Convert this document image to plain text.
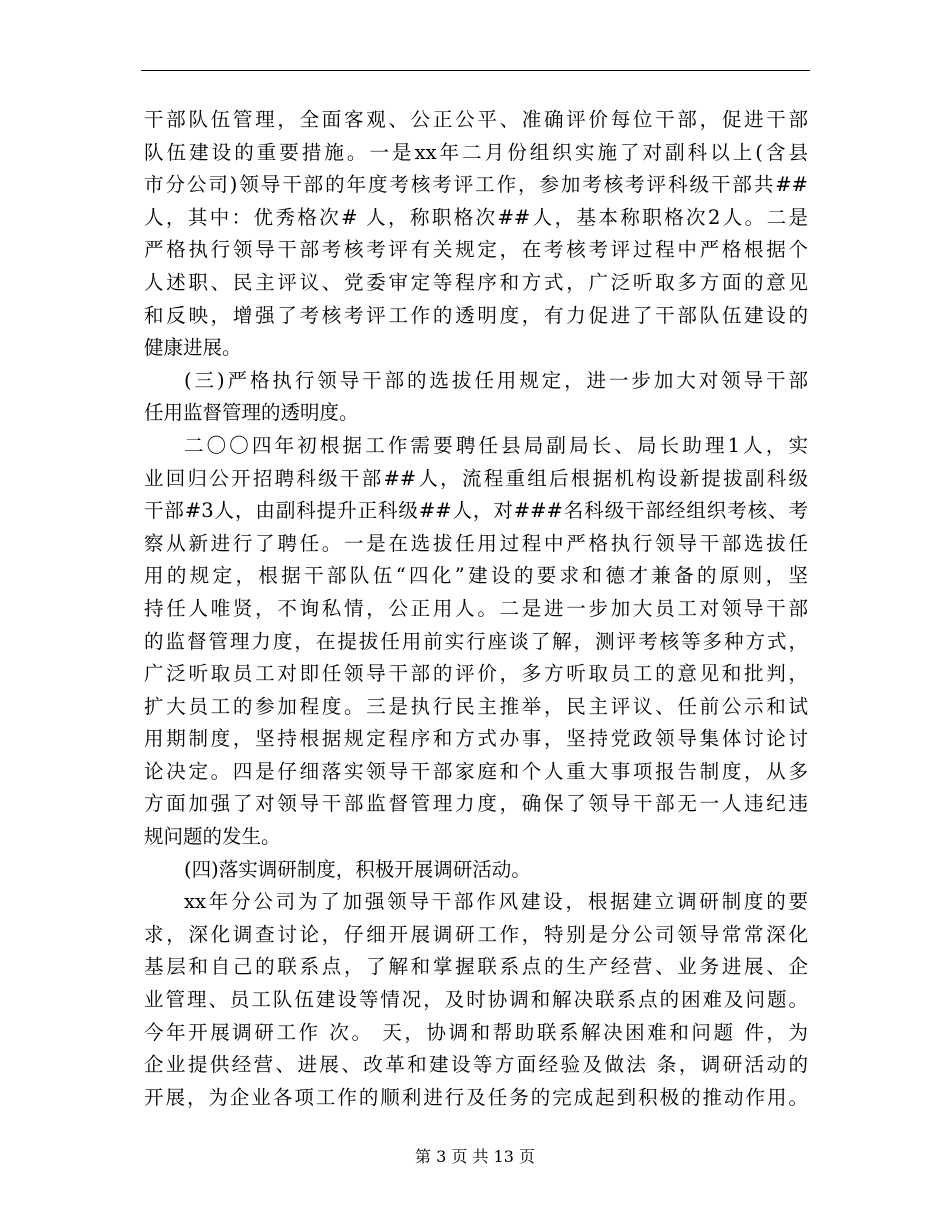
干部队伍管理，全面客观、公正公平、准确评价每位干部，促进干部
队伍建设的重要措施。一是xx年二月份组织实施了对副科以上(含县
市分公司)领导干部的年度考核考评工作，参加考核考评科级干部共##
人，其中：优秀格次# 人，称职格次##人，基本称职格次2人。二是
严格执行领导干部考核考评有关规定，在考核考评过程中严格根据个
人述职、民主评议、党委审定等程序和方式，广泛听取多方面的意见
和反映，增强了考核考评工作的透明度，有力促进了干部队伍建设的
健康进展。
(三)严格执行领导干部的选拔任用规定，进一步加大对领导干部
任用监督管理的透明度。
二〇〇四年初根据工作需要聘任县局副局长、局长助理1人，实
业回归公开招聘科级干部##人，流程重组后根据机构设新提拔副科级
干部#3人，由副科提升正科级##人，对###名科级干部经组织考核、考
察从新进行了聘任。一是在选拔任用过程中严格执行领导干部选拔任
用的规定，根据干部队伍“四化”建设的要求和德才兼备的原则，坚
持任人唯贤，不询私情，公正用人。二是进一步加大员工对领导干部
的监督管理力度，在提拔任用前实行座谈了解，测评考核等多种方式，
广泛听取员工对即任领导干部的评价，多方听取员工的意见和批判，
扩大员工的参加程度。三是执行民主推举，民主评议、任前公示和试
用期制度，坚持根据规定程序和方式办事，坚持党政领导集体讨论讨
论决定。四是仔细落实领导干部家庭和个人重大事项报告制度，从多
方面加强了对领导干部监督管理力度，确保了领导干部无一人违纪违
规问题的发生。
(四)落实调研制度，积极开展调研活动。
xx年分公司为了加强领导干部作风建设，根据建立调研制度的要
求，深化调查讨论，仔细开展调研工作，特别是分公司领导常常深化
基层和自己的联系点，了解和掌握联系点的生产经营、业务进展、企
业管理、员工队伍建设等情况，及时协调和解决联系点的困难及问题。
今年开展调研工作 次。 天，协调和帮助联系解决困难和问题 件，为
企业提供经营、进展、改革和建设等方面经验及做法 条，调研活动的
开展，为企业各项工作的顺利进行及任务的完成起到积极的推动作用。
第 3 页 共 13 页
